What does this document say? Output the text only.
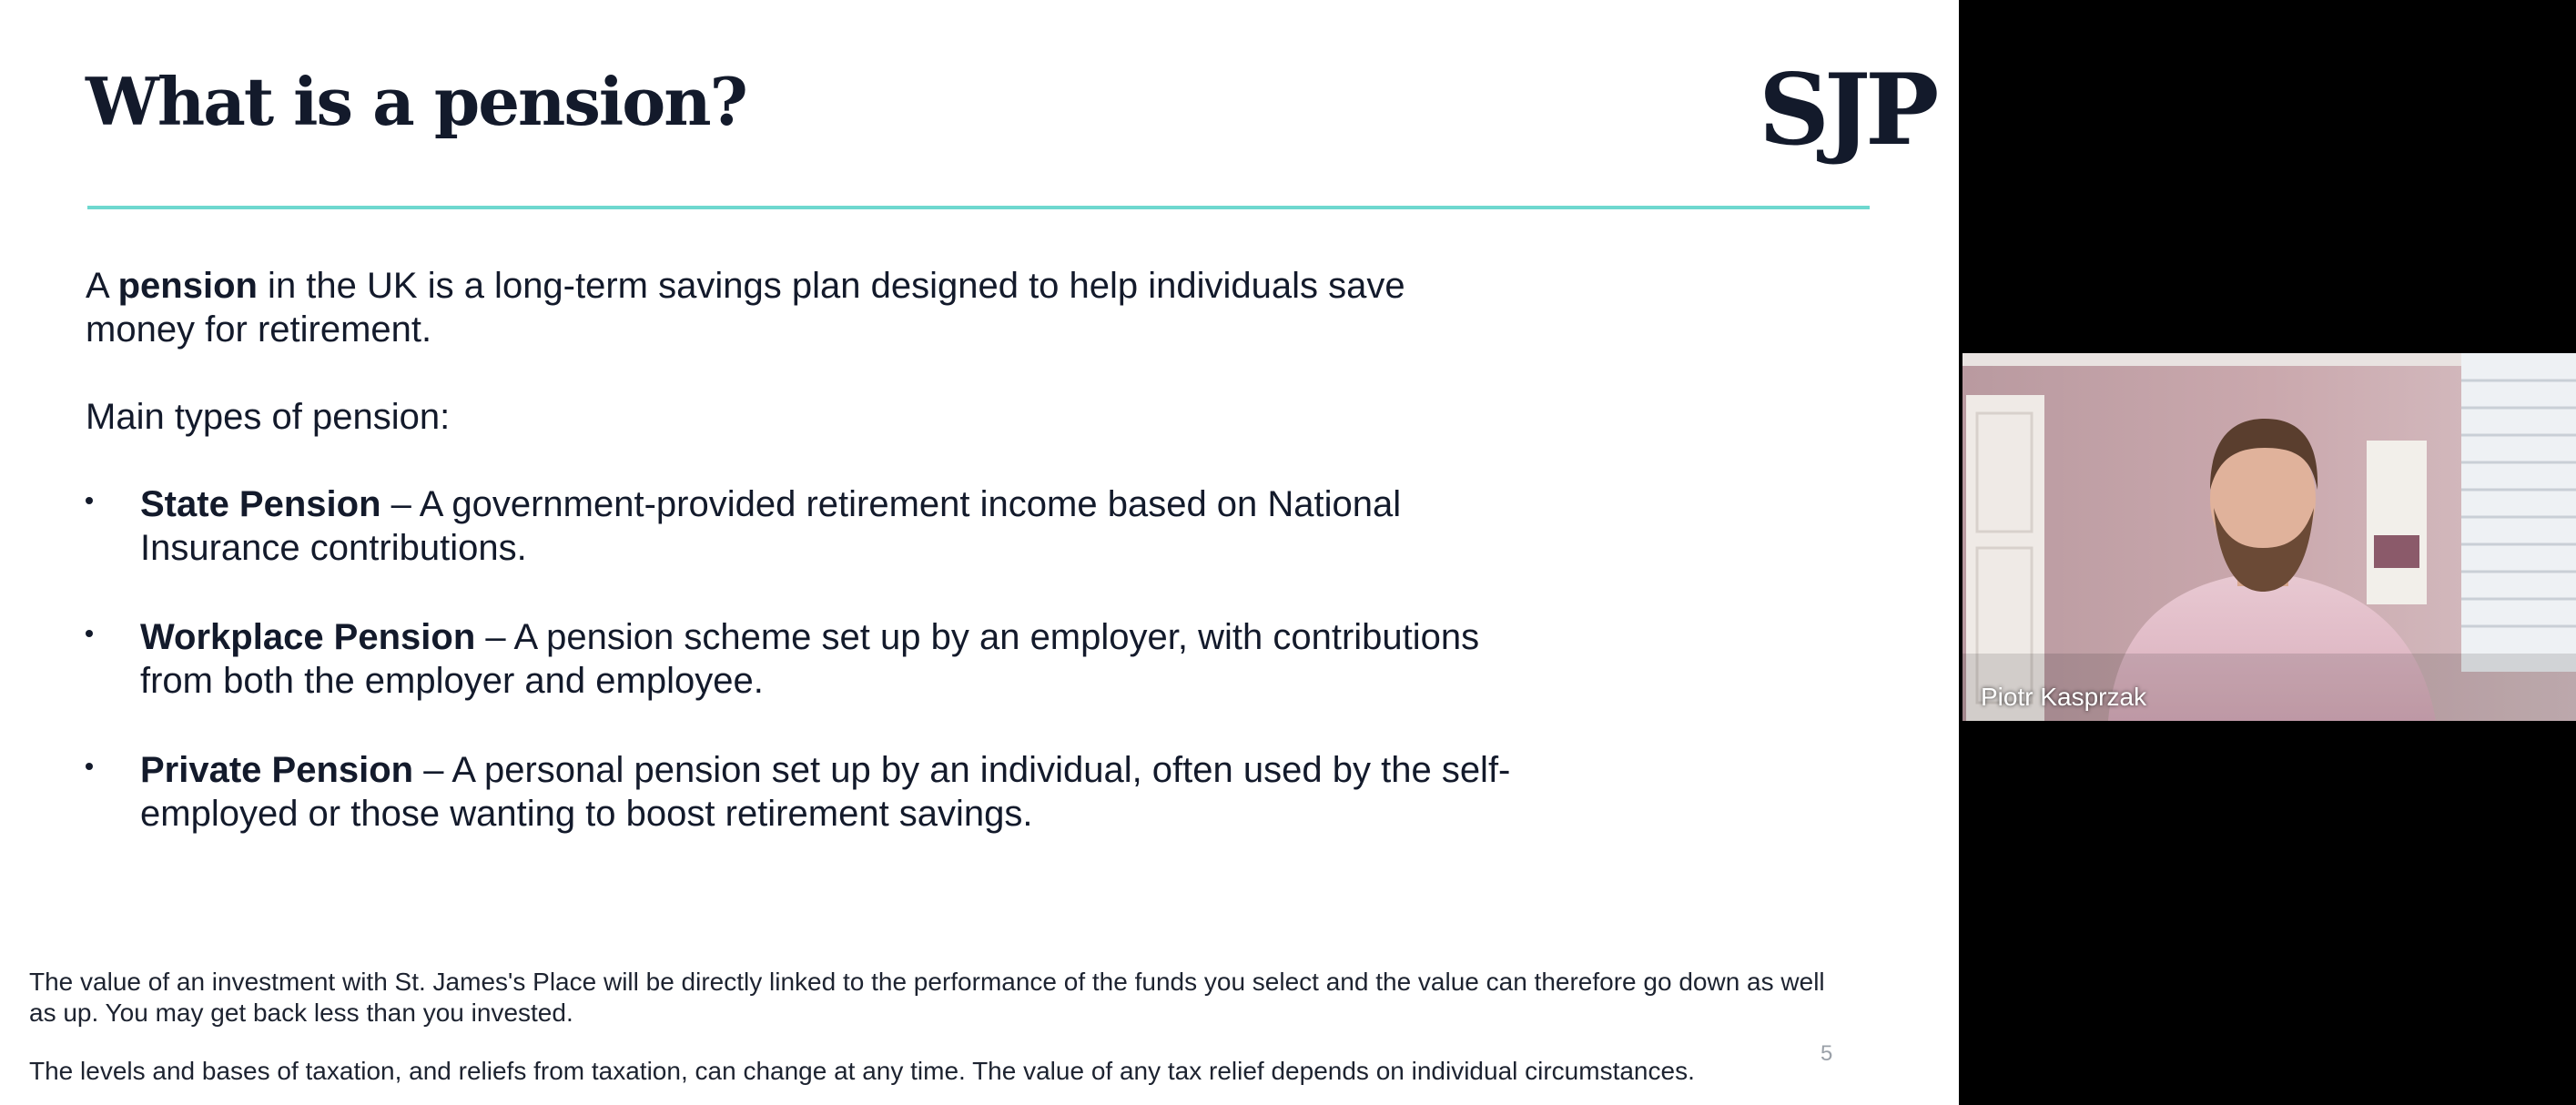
What is a pension?	SJP

A pension in the UK is a long-term savings plan designed to help individuals save money for retirement.

Main types of pension:

State Pension – A government-provided retirement income based on National Insurance contributions.
Workplace Pension – A pension scheme set up by an employer, with contributions from both the employer and employee.
Private Pension – A personal pension set up by an individual, often used by the self-employed or those wanting to boost retirement savings.

The value of an investment with St. James's Place will be directly linked to the performance of the funds you select and the value can therefore go down as well as up. You may get back less than you invested.

The levels and bases of taxation, and reliefs from taxation, can change at any time. The value of any tax relief depends on individual circumstances.

5
Piotr Kasprzak
